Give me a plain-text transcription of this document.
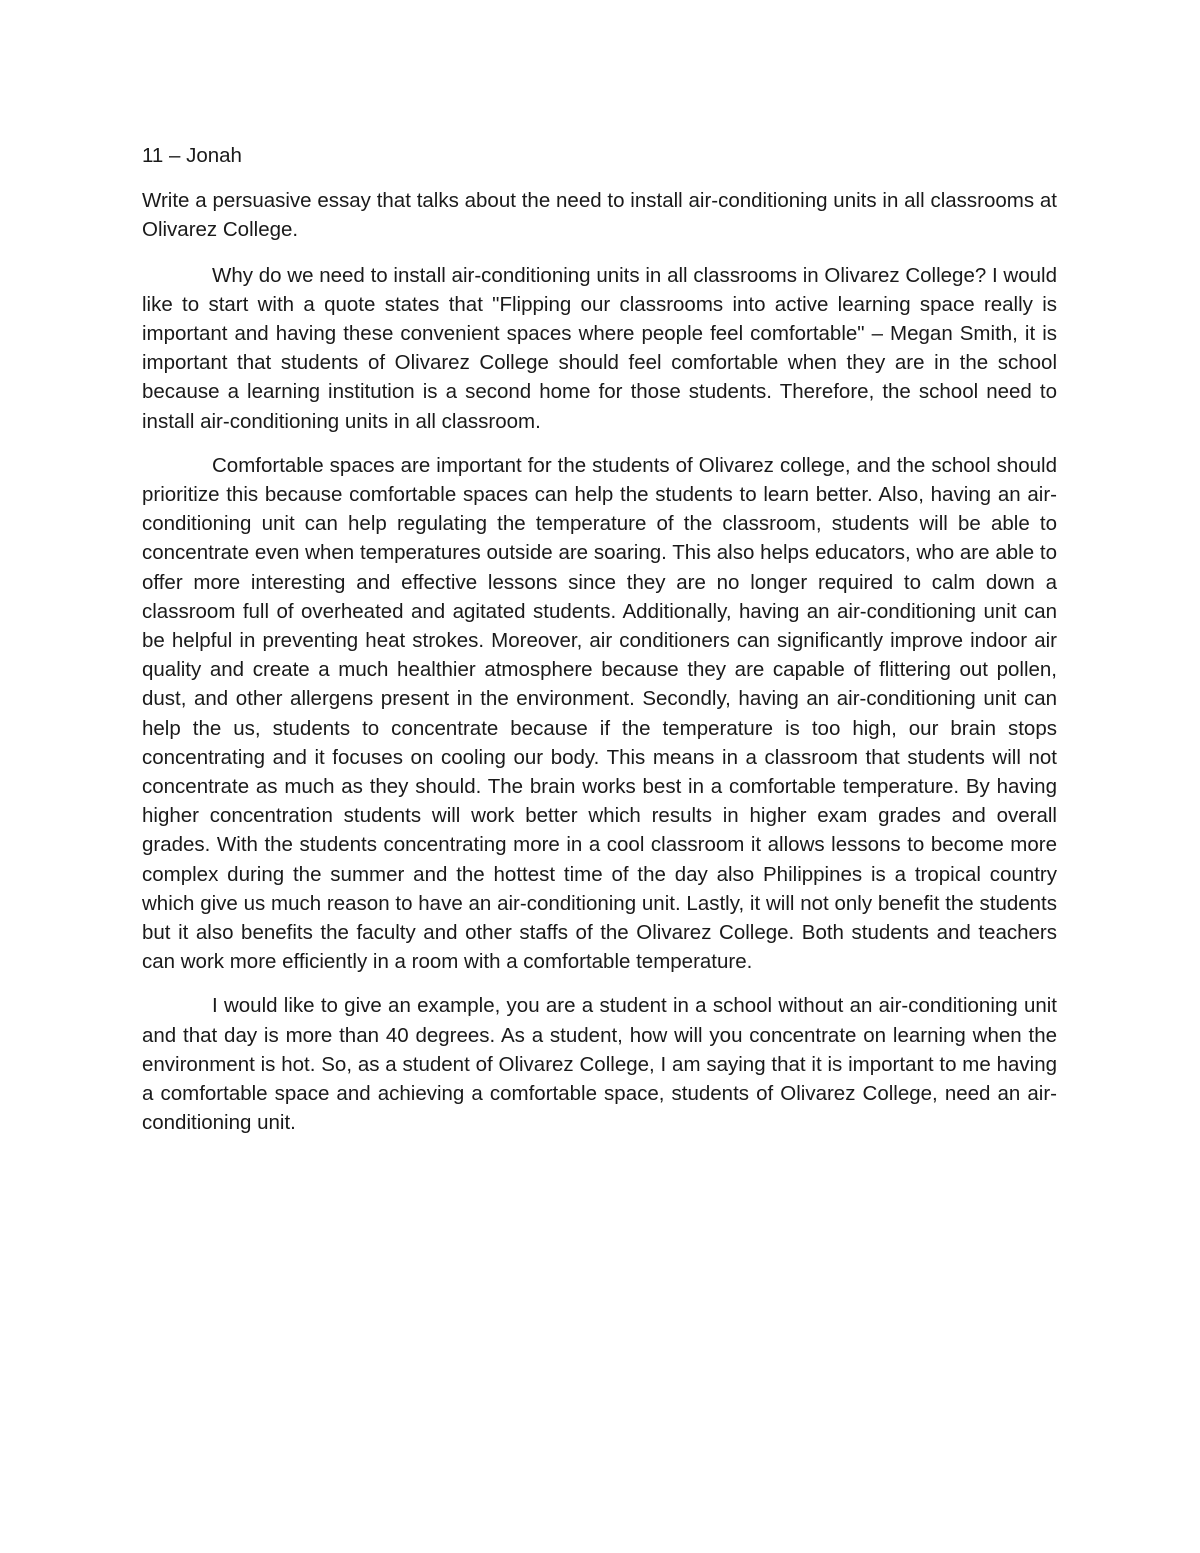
11 – Jonah

Write a persuasive essay that talks about the need to install air-conditioning units in all classrooms at Olivarez College.

Why do we need to install air-conditioning units in all classrooms in Olivarez College? I would like to start with a quote states that "Flipping our classrooms into active learning space really is important and having these convenient spaces where people feel comfortable" – Megan Smith, it is important that students of Olivarez College should feel comfortable when they are in the school because a learning institution is a second home for those students. Therefore, the school need to install air-conditioning units in all classroom.

Comfortable spaces are important for the students of Olivarez college, and the school should prioritize this because comfortable spaces can help the students to learn better. Also, having an air-conditioning unit can help regulating the temperature of the classroom, students will be able to concentrate even when temperatures outside are soaring. This also helps educators, who are able to offer more interesting and effective lessons since they are no longer required to calm down a classroom full of overheated and agitated students. Additionally, having an air-conditioning unit can be helpful in preventing heat strokes. Moreover, air conditioners can significantly improve indoor air quality and create a much healthier atmosphere because they are capable of flittering out pollen, dust, and other allergens present in the environment. Secondly, having an air-conditioning unit can help the us, students to concentrate because if the temperature is too high, our brain stops concentrating and it focuses on cooling our body. This means in a classroom that students will not concentrate as much as they should. The brain works best in a comfortable temperature. By having higher concentration students will work better which results in higher exam grades and overall grades. With the students concentrating more in a cool classroom it allows lessons to become more complex during the summer and the hottest time of the day also Philippines is a tropical country which give us much reason to have an air-conditioning unit. Lastly, it will not only benefit the students but it also benefits the faculty and other staffs of the Olivarez College. Both students and teachers can work more efficiently in a room with a comfortable temperature.

I would like to give an example, you are a student in a school without an air-conditioning unit and that day is more than 40 degrees. As a student, how will you concentrate on learning when the environment is hot. So, as a student of Olivarez College, I am saying that it is important to me having a comfortable space and achieving a comfortable space, students of Olivarez College, need an air-conditioning unit.
